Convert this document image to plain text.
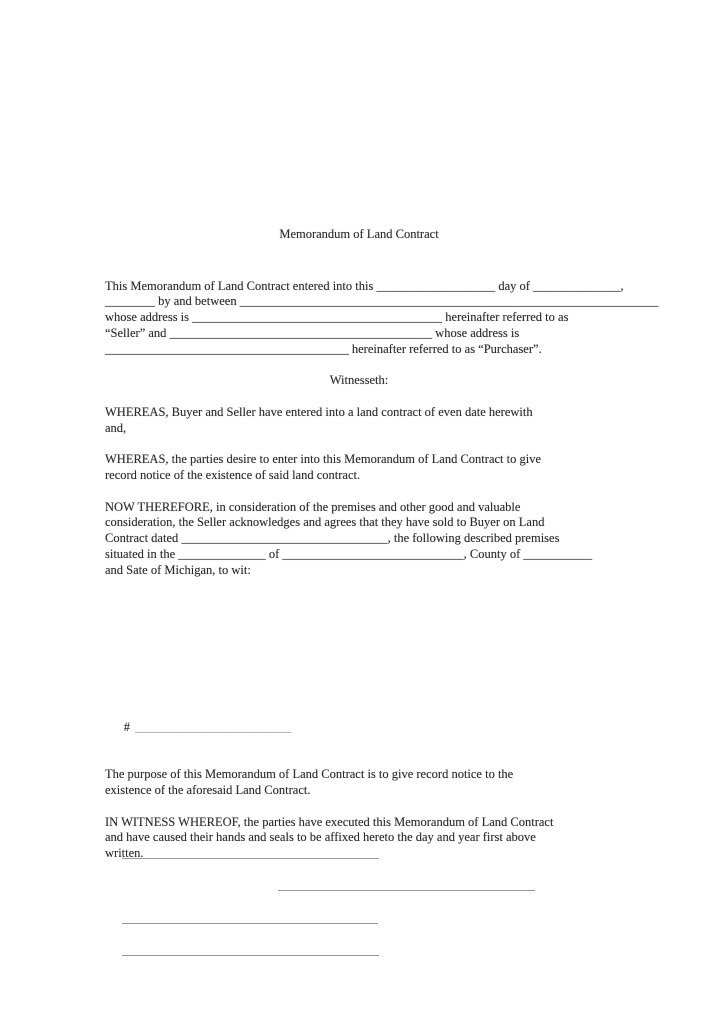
Memorandum of Land Contract
This Memorandum of Land Contract entered into this ___________________ day of ______________,
________ by and between ___________________________________________________________________
whose address is ________________________________________ hereinafter referred to as
“Seller” and __________________________________________ whose address is
_______________________________________ hereinafter referred to as “Purchaser”.
Witnesseth:
WHEREAS, Buyer and Seller have entered into a land contract of even date herewith
and,
WHEREAS, the parties desire to enter into this Memorandum of Land Contract to give
record notice of the existence of said land contract.
NOW THEREFORE, in consideration of the premises and other good and valuable
consideration, the Seller acknowledges and agrees that they have sold to Buyer on Land
Contract dated _________________________________, the following described premises
situated in the ______________ of _____________________________, County of ___________
and Sate of Michigan, to wit:

# _________________________

The purpose of this Memorandum of Land Contract is to give record notice to the
existence of the aforesaid Land Contract.
IN WITNESS WHEREOF, the parties have executed this Memorandum of Land Contract
and have caused their hands and seals to be affixed hereto the day and year first above
written.
